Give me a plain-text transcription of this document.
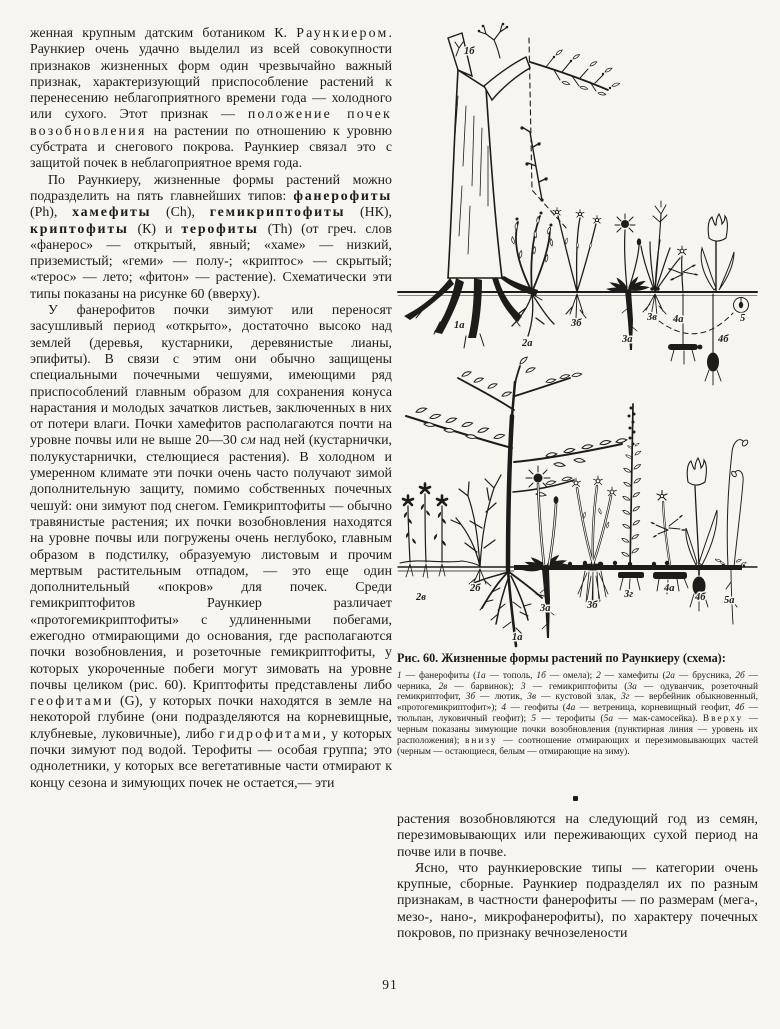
1б
1а
2а
3б
3а
3в 4а
4б
5
2в
2б
1а
3а	3б
3г
4а
4б 5а

женная крупным датским ботаником К. Раункиером. Раункиер очень удачно выделил из всей совокупности признаков жизненных форм один чрезвычайно важный признак, характеризующий приспособление растений к перенесению неблагоприятного времени года — холодного или сухого. Этот признак — положение почек возобновления на растении по отношению к уровню субстрата и снегового покрова. Раункиер связал это с защитой почек в неблагоприятное время года.

По Раункиеру, жизненные формы растений можно подразделить на пять главнейших типов: фанерофиты (Ph), хамефиты (Ch), гемикриптофиты (НК), криптофиты (К) и терофиты (Th) (от греч. слов «фанерос» — открытый, явный; «хаме» — низкий, приземистый; «геми» — полу-; «криптос» — скрытый; «терос» — лето; «фитон» — растение). Схематически эти типы показаны на рисунке 60 (вверху).

У фанерофитов почки зимуют или переносят засушливый период «открыто», достаточно высоко над землей (деревья, кустарники, деревянистые лианы, эпифиты). В связи с этим они обычно защищены специальными почечными чешуями, имеющими ряд приспособлений главным образом для сохранения конуса нарастания и молодых зачатков листьев, заключенных в них от потери влаги. Почки хамефитов располагаются почти на уровне почвы или не выше 20—30 см над ней (кустарнички, полукустарнички, стелющиеся растения). В холодном и умеренном климате эти почки очень часто получают зимой дополнительную защиту, помимо собственных почечных чешуй: они зимуют под снегом. Гемикриптофиты — обычно травянистые растения; их почки возобновления находятся на уровне почвы или погружены очень неглубоко, главным образом в подстилку, образуемую листовым и прочим мертвым растительным отпадом, — это еще один дополнительный «покров» для почек. Среди гемикриптофитов Раункиер различает «протогемикриптофиты» с удлиненными побегами, ежегодно отмирающими до основания, где располагаются почки возобновления, и розеточные гемикриптофиты, у которых укороченные побеги могут зимовать на уровне почвы целиком (рис. 60). Криптофиты представлены либо геофитами (G), у которых почки находятся в земле на некоторой глубине (они подразделяются на корневищные, клубневые, луковичные), либо гидрофитами, у которых почки зимуют под водой. Терофиты — особая группа; это однолетники, у которых все вегетативные части отмирают к концу сезона и зимующих почек не остается,— эти

Рис. 60. Жизненные формы растений по Раункиеру (схема):

1 — фанерофиты (1а — тополь, 1б — омела); 2 — хамефиты (2а — брусника, 2б — черника, 2в — барвинок); 3 — гемикриптофиты (3а — одуванчик, розеточный гемикриптофит, 3б — лютик, 3в — кустовой злак, 3г — вербейник обыкновенный, «протогемикриптофит»); 4 — геофиты (4а — ветреница, корневищный геофит, 4б — тюльпан, луковичный геофит); 5 — терофиты (5а — мак-самосейка). Вверху — черным показаны зимующие почки возобновления (пунктирная линия — уровень их расположения); внизу — соотношение отмирающих и перезимовывающих частей (черным — остающиеся, белым — отмирающие на зиму).

растения возобновляются на следующий год из семян, перезимовывающих или переживающих сухой период на почве или в почве.

Ясно, что раункиеровские типы — категории очень крупные, сборные. Раункиер подразделял их по разным признакам, в частности фанерофиты — по размерам (мега-, мезо-, нано-, микрофанерофиты), по характеру почечных покровов, по признаку вечнозелености

91
